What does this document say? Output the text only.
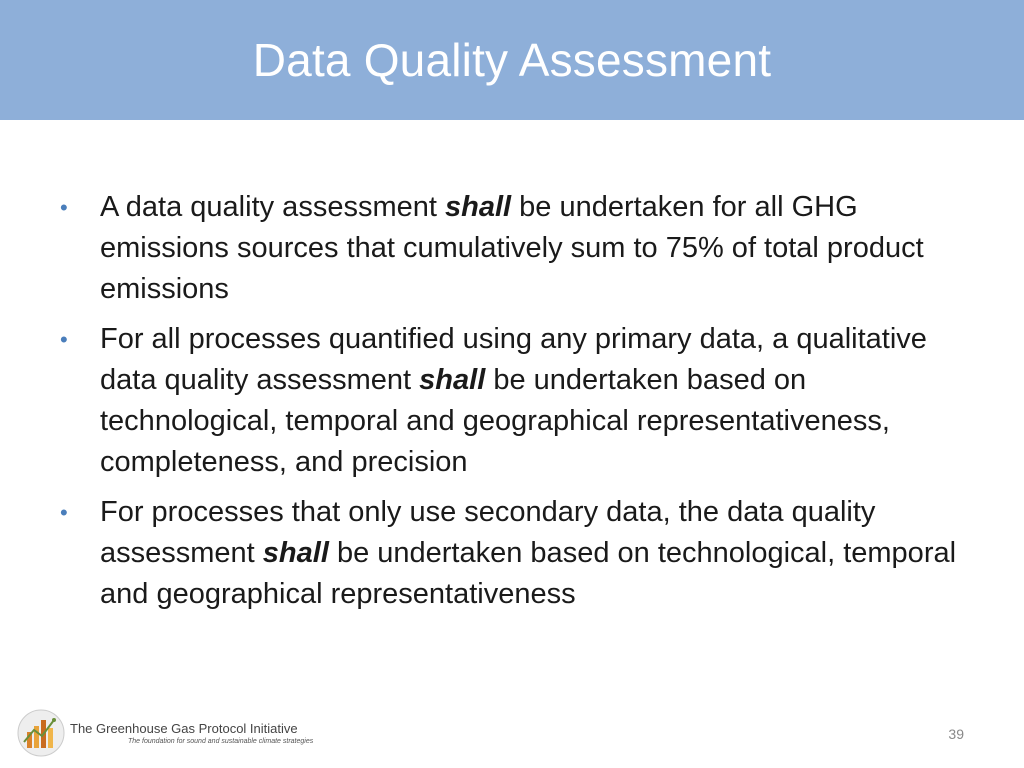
Data Quality Assessment
• A data quality assessment shall be undertaken for all GHG emissions sources that cumulatively sum to 75% of total product emissions
• For all processes quantified using any primary data, a qualitative data quality assessment shall be undertaken based on technological, temporal and geographical representativeness, completeness, and precision
• For processes that only use secondary data, the data quality assessment shall be undertaken based on technological, temporal and geographical representativeness
The Greenhouse Gas Protocol Initiative
The foundation for sound and sustainable climate strategies	39
